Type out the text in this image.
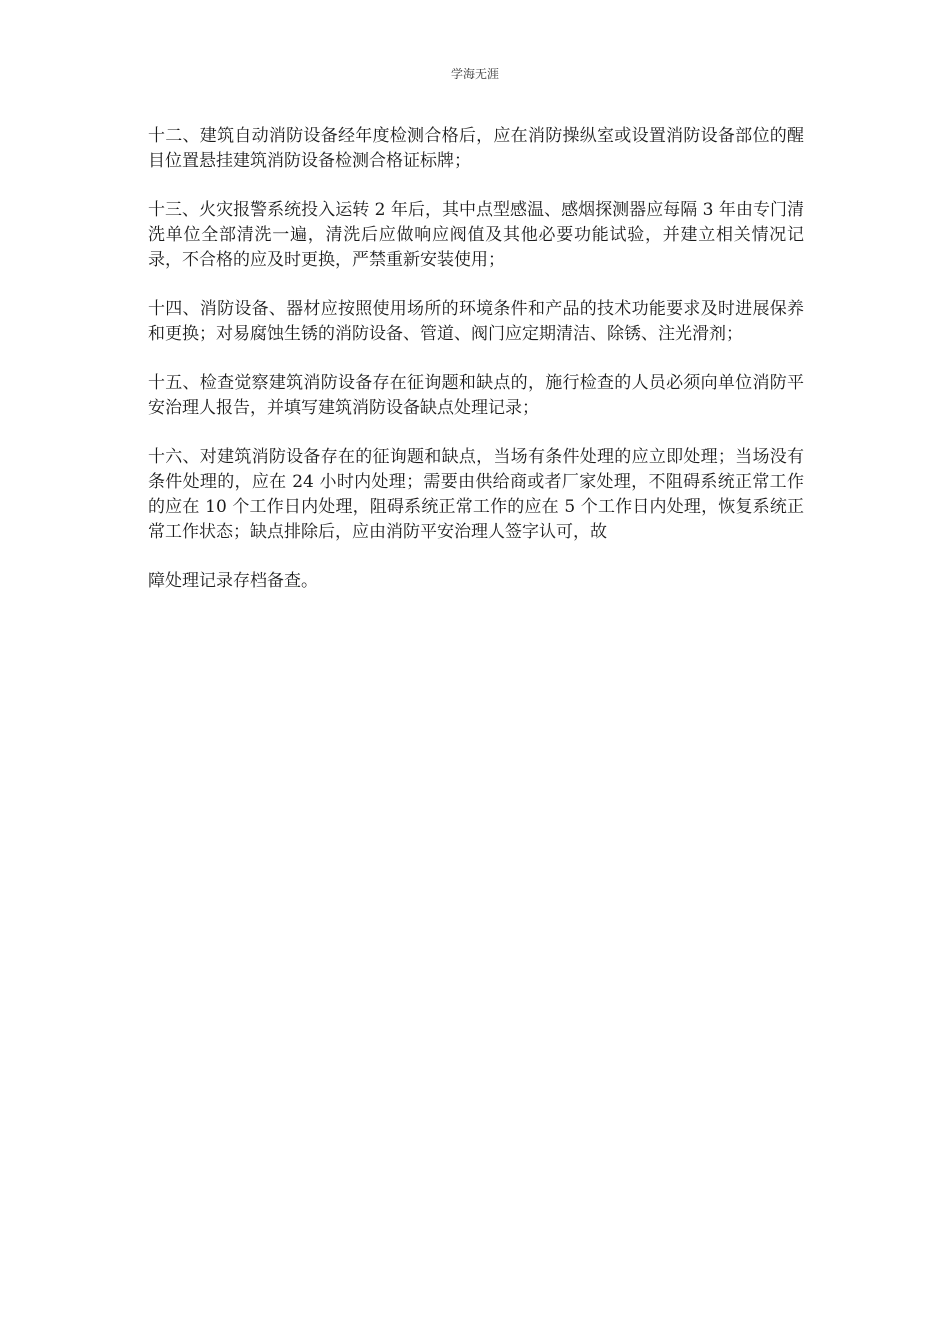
学海无涯

十二、建筑自动消防设备经年度检测合格后，应在消防操纵室或设置消防设备部位的醒目位置悬挂建筑消防设备检测合格证标牌；

十三、火灾报警系统投入运转 2 年后，其中点型感温、感烟探测器应每隔 3 年由专门清洗单位全部清洗一遍，清洗后应做响应阀值及其他必要功能试验，并建立相关情况记录，不合格的应及时更换，严禁重新安装使用；

十四、消防设备、器材应按照使用场所的环境条件和产品的技术功能要求及时进展保养和更换；对易腐蚀生锈的消防设备、管道、阀门应定期清洁、除锈、注光滑剂；

十五、检查觉察建筑消防设备存在征询题和缺点的，施行检查的人员必须向单位消防平安治理人报告，并填写建筑消防设备缺点处理记录；

十六、对建筑消防设备存在的征询题和缺点，当场有条件处理的应立即处理；当场没有条件处理的，应在 24 小时内处理；需要由供给商或者厂家处理，不阻碍系统正常工作的应在 10 个工作日内处理，阻碍系统正常工作的应在 5 个工作日内处理，恢复系统正常工作状态；缺点排除后，应由消防平安治理人签字认可，故

障处理记录存档备查。
